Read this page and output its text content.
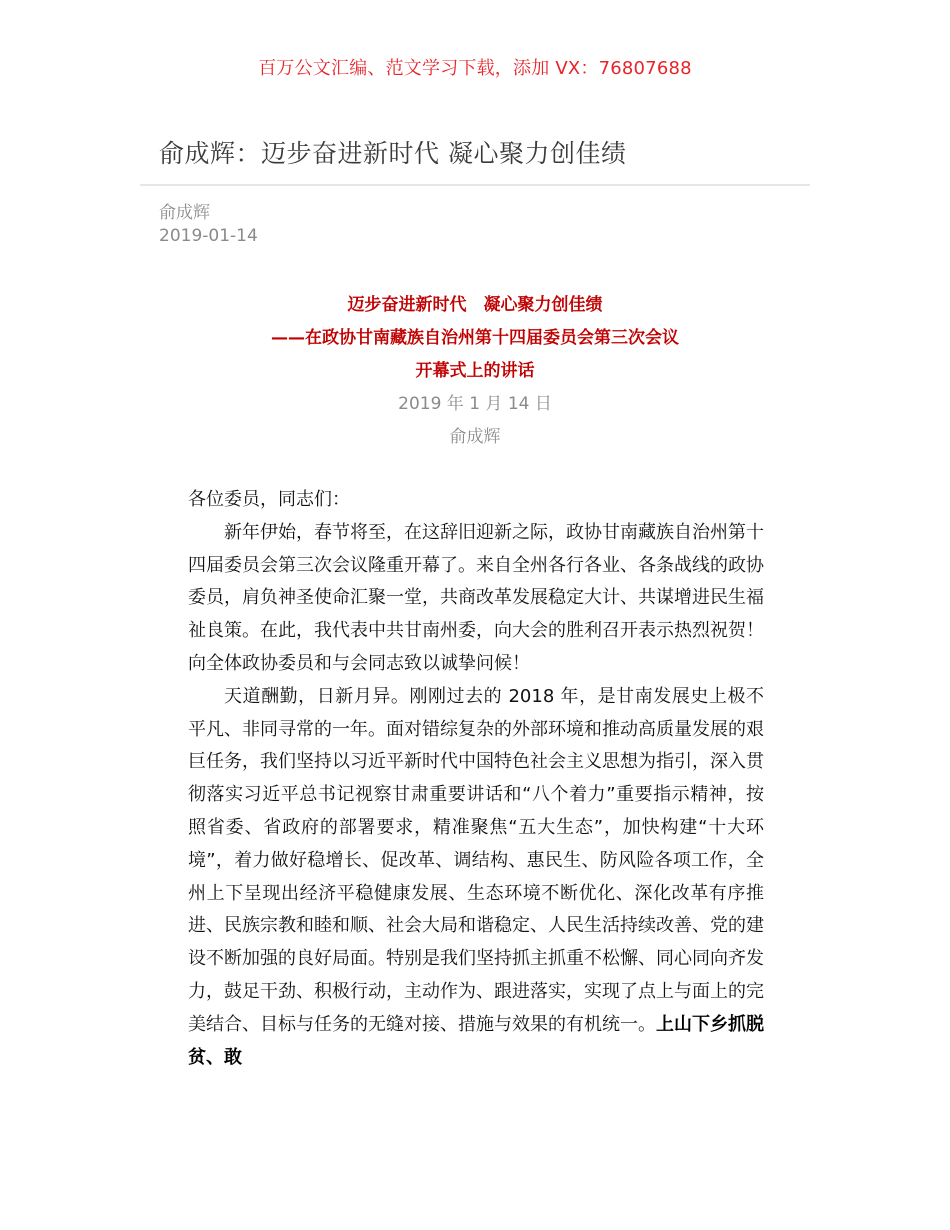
百万公文汇编、范文学习下载，添加 VX：76807688
俞成辉：迈步奋进新时代 凝心聚力创佳绩
俞成辉
2019-01-14
迈步奋进新时代　凝心聚力创佳绩
——在政协甘南藏族自治州第十四届委员会第三次会议
开幕式上的讲话
2019 年 1 月 14 日
俞成辉

各位委员，同志们：

新年伊始，春节将至，在这辞旧迎新之际，政协甘南藏族自治州第十四届委员会第三次会议隆重开幕了。来自全州各行各业、各条战线的政协委员，肩负神圣使命汇聚一堂，共商改革发展稳定大计、共谋增进民生福祉良策。在此，我代表中共甘南州委，向大会的胜利召开表示热烈祝贺！向全体政协委员和与会同志致以诚挚问候！

天道酬勤，日新月异。刚刚过去的 2018 年，是甘南发展史上极不平凡、非同寻常的一年。面对错综复杂的外部环境和推动高质量发展的艰巨任务，我们坚持以习近平新时代中国特色社会主义思想为指引，深入贯彻落实习近平总书记视察甘肃重要讲话和“八个着力”重要指示精神，按照省委、省政府的部署要求，精准聚焦“五大生态”，加快构建“十大环境”，着力做好稳增长、促改革、调结构、惠民生、防风险各项工作，全州上下呈现出经济平稳健康发展、生态环境不断优化、深化改革有序推进、民族宗教和睦和顺、社会大局和谐稳定、人民生活持续改善、党的建设不断加强的良好局面。特别是我们坚持抓主抓重不松懈、同心同向齐发力，鼓足干劲、积极行动，主动作为、跟进落实，实现了点上与面上的完美结合、目标与任务的无缝对接、措施与效果的有机统一。上山下乡抓脱贫、敢
